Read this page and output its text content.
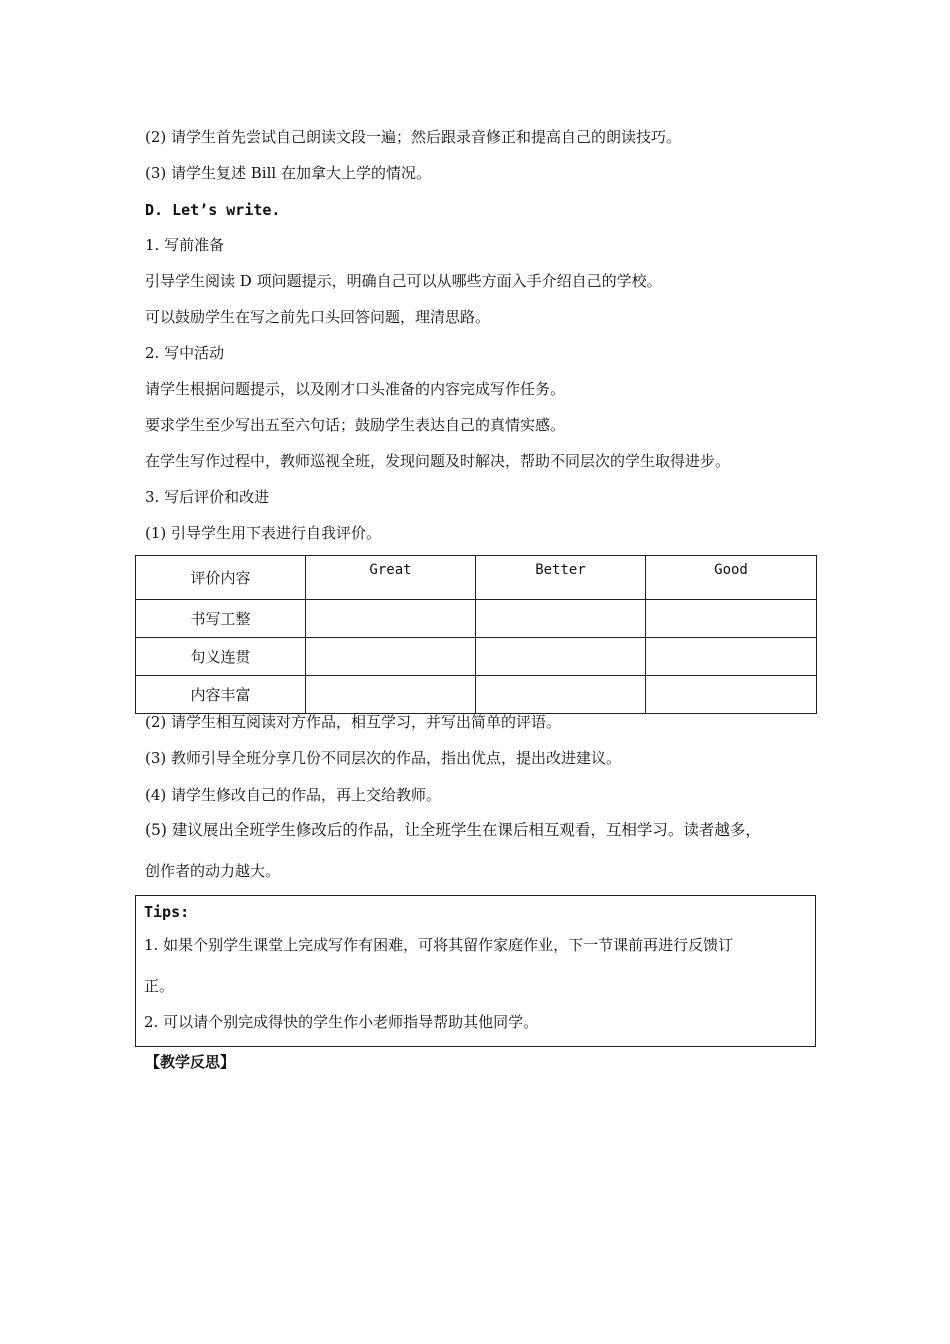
(2) 请学生首先尝试自己朗读文段一遍；然后跟录音修正和提高自己的朗读技巧。
(3) 请学生复述 Bill 在加拿大上学的情况。
D. Let’s write.
1. 写前准备
引导学生阅读 D 项问题提示，明确自己可以从哪些方面入手介绍自己的学校。
可以鼓励学生在写之前先口头回答问题，理清思路。
2. 写中活动
请学生根据问题提示，以及刚才口头准备的内容完成写作任务。
要求学生至少写出五至六句话；鼓励学生表达自己的真情实感。
在学生写作过程中，教师巡视全班，发现问题及时解决，帮助不同层次的学生取得进步。
3. 写后评价和改进
(1) 引导学生用下表进行自我评价。
评价内容	Great	Better	Good
书写工整			
句义连贯			
内容丰富			
(2) 请学生相互阅读对方作品，相互学习，并写出简单的评语。
(3) 教师引导全班分享几份不同层次的作品，指出优点，提出改进建议。
(4) 请学生修改自己的作品，再上交给教师。
(5) 建议展出全班学生修改后的作品，让全班学生在课后相互观看，互相学习。读者越多，
创作者的动力越大。
Tips:
1. 如果个别学生课堂上完成写作有困难，可将其留作家庭作业，下一节课前再进行反馈订
正。
2. 可以请个别完成得快的学生作小老师指导帮助其他同学。
【教学反思】
